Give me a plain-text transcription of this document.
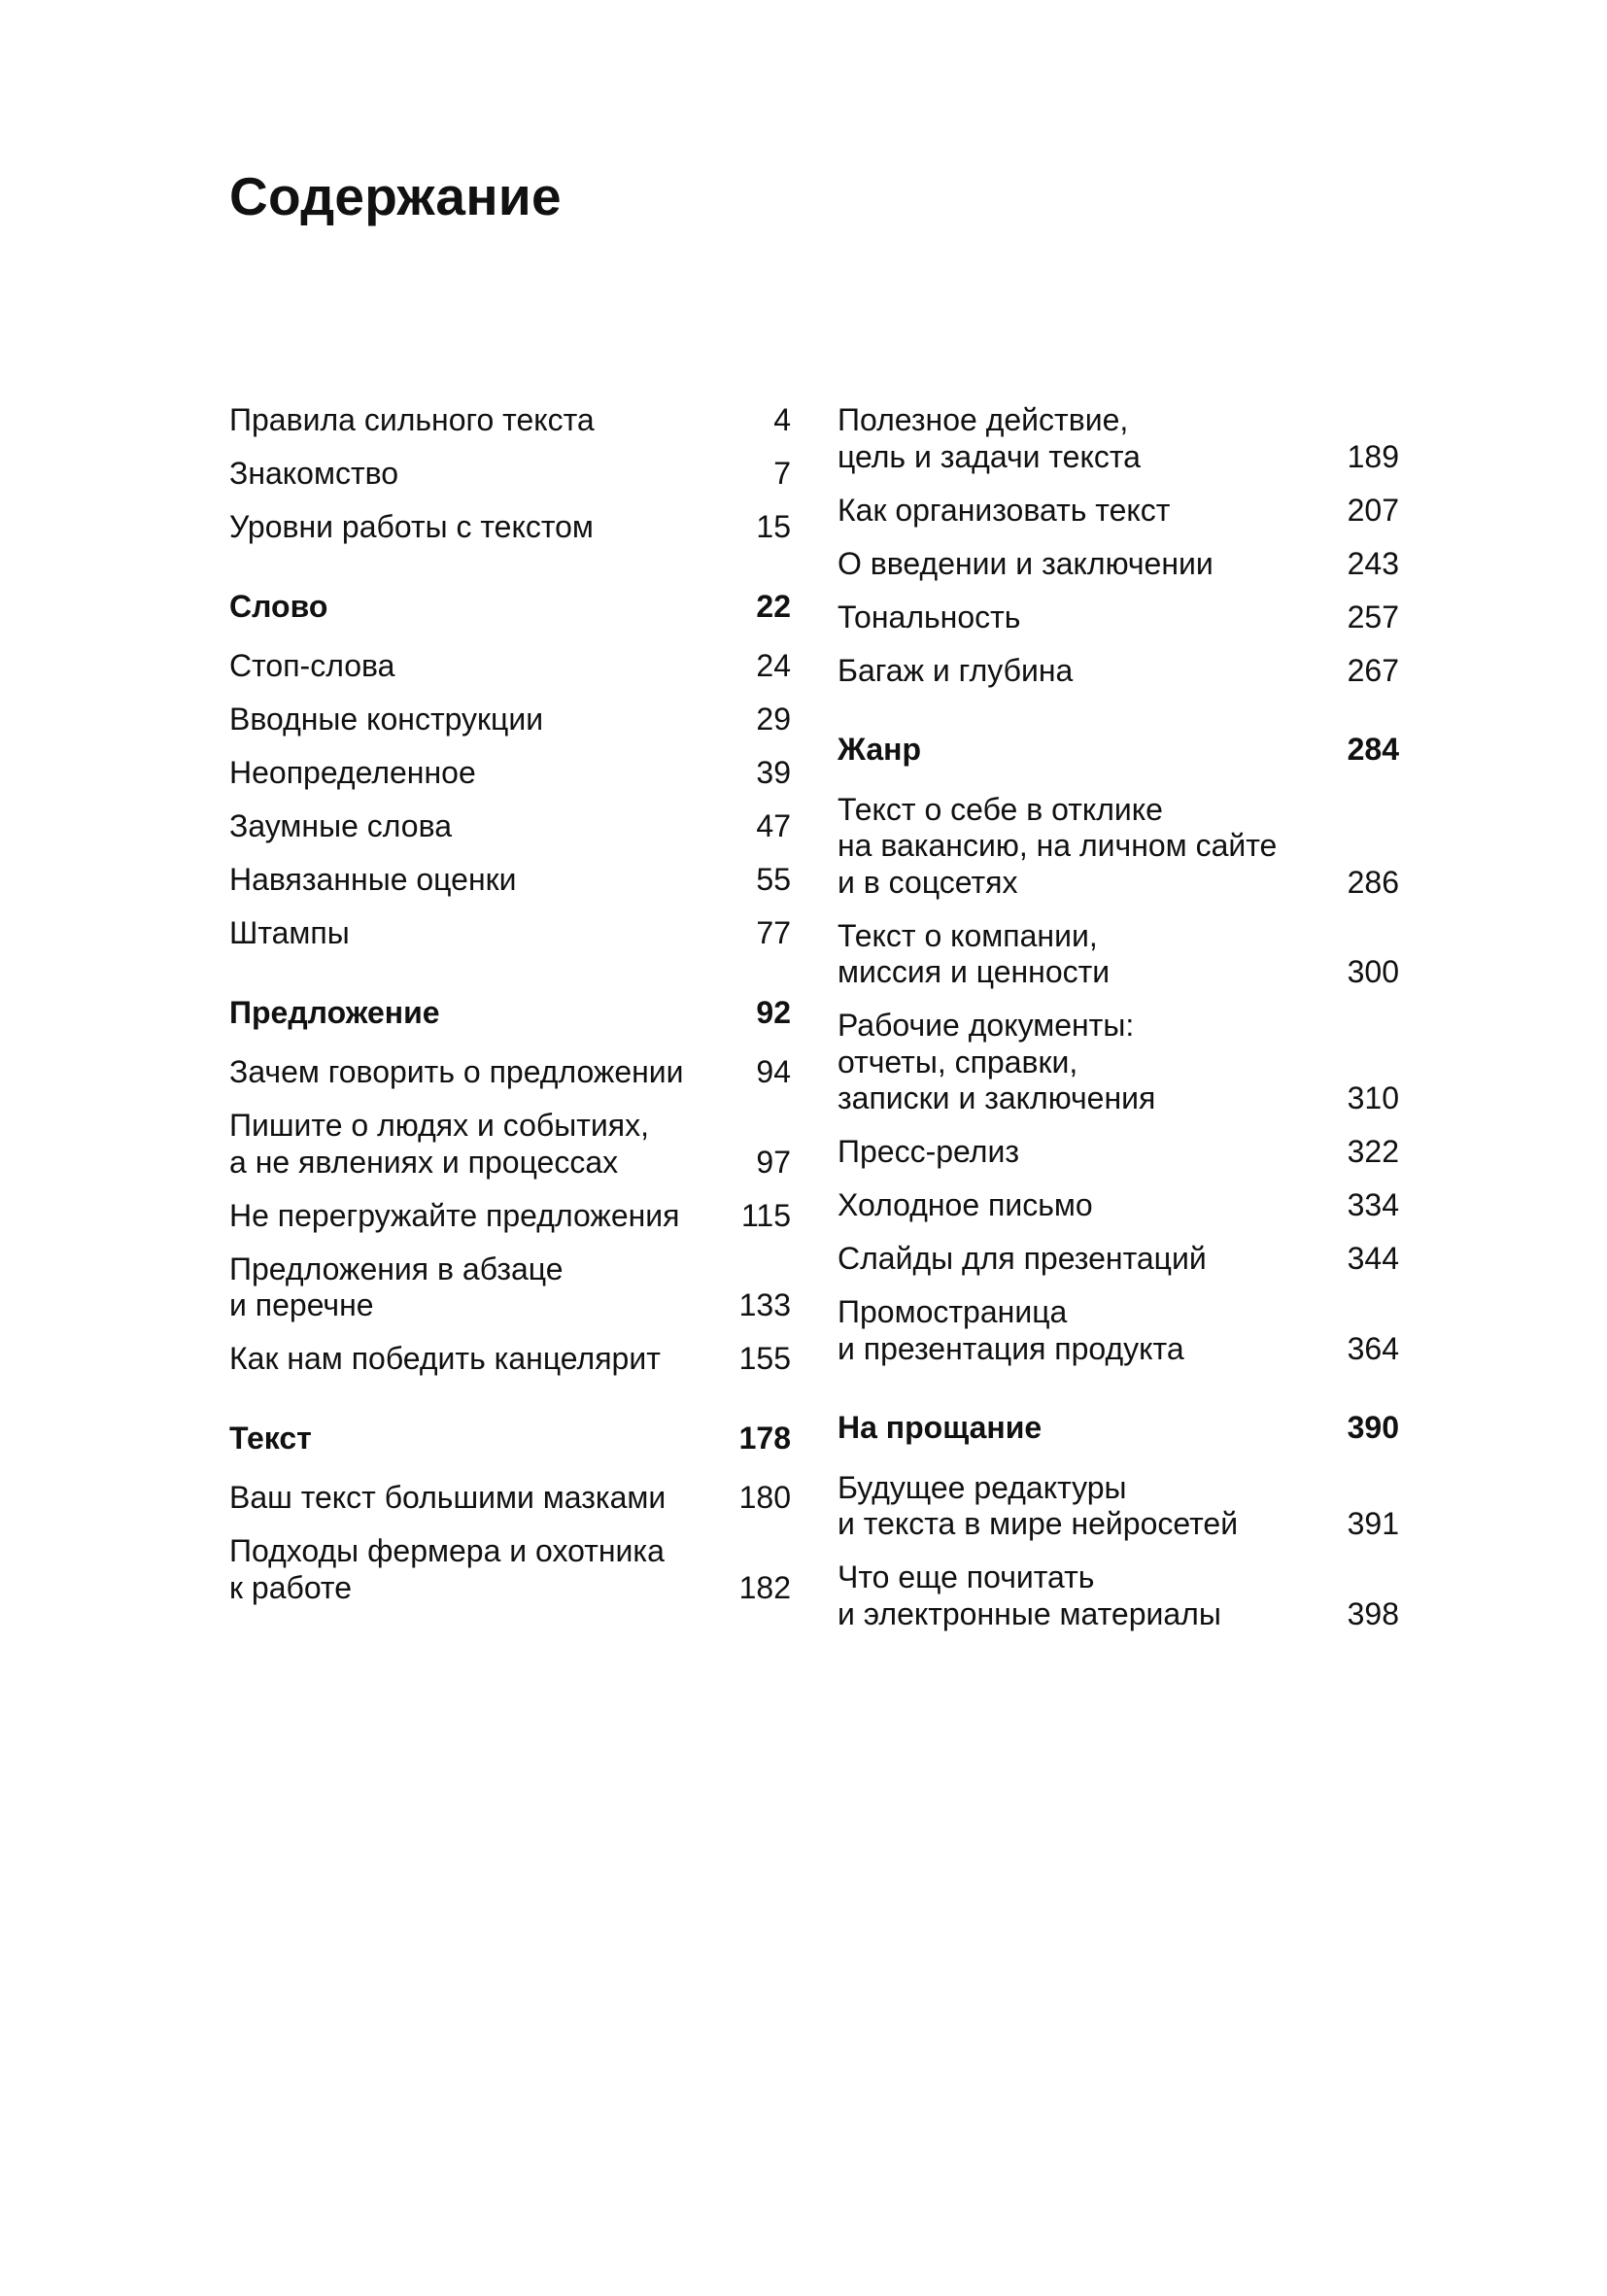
Содержание
Правила сильного текста	4
Знакомство	7
Уровни работы с текстом	15
Слово	22
Стоп-слова	24
Вводные конструкции	29
Неопределенное	39
Заумные слова	47
Навязанные оценки	55
Штампы	77
Предложение	92
Зачем говорить о предложении	94
Пишите о людях и событиях,
а не явлениях и процессах	97
Не перегружайте предложения	115
Предложения в абзаце
и перечне	133
Как нам победить канцелярит	155
Текст	178
Ваш текст большими мазками	180
Подходы фермера и охотника
к работе	182
Полезное действие,
цель и задачи текста	189
Как организовать текст	207
О введении и заключении	243
Тональность	257
Багаж и глубина	267
Жанр	284
Текст о себе в отклике
на вакансию, на личном сайте
и в соцсетях	286
Текст о компании,
миссия и ценности	300
Рабочие документы:
отчеты, справки,
записки и заключения	310
Пресс-релиз	322
Холодное письмо	334
Слайды для презентаций	344
Промостраница
и презентация продукта	364
На прощание	390
Будущее редактуры
и текста в мире нейросетей	391
Что еще почитать
и электронные материалы	398
